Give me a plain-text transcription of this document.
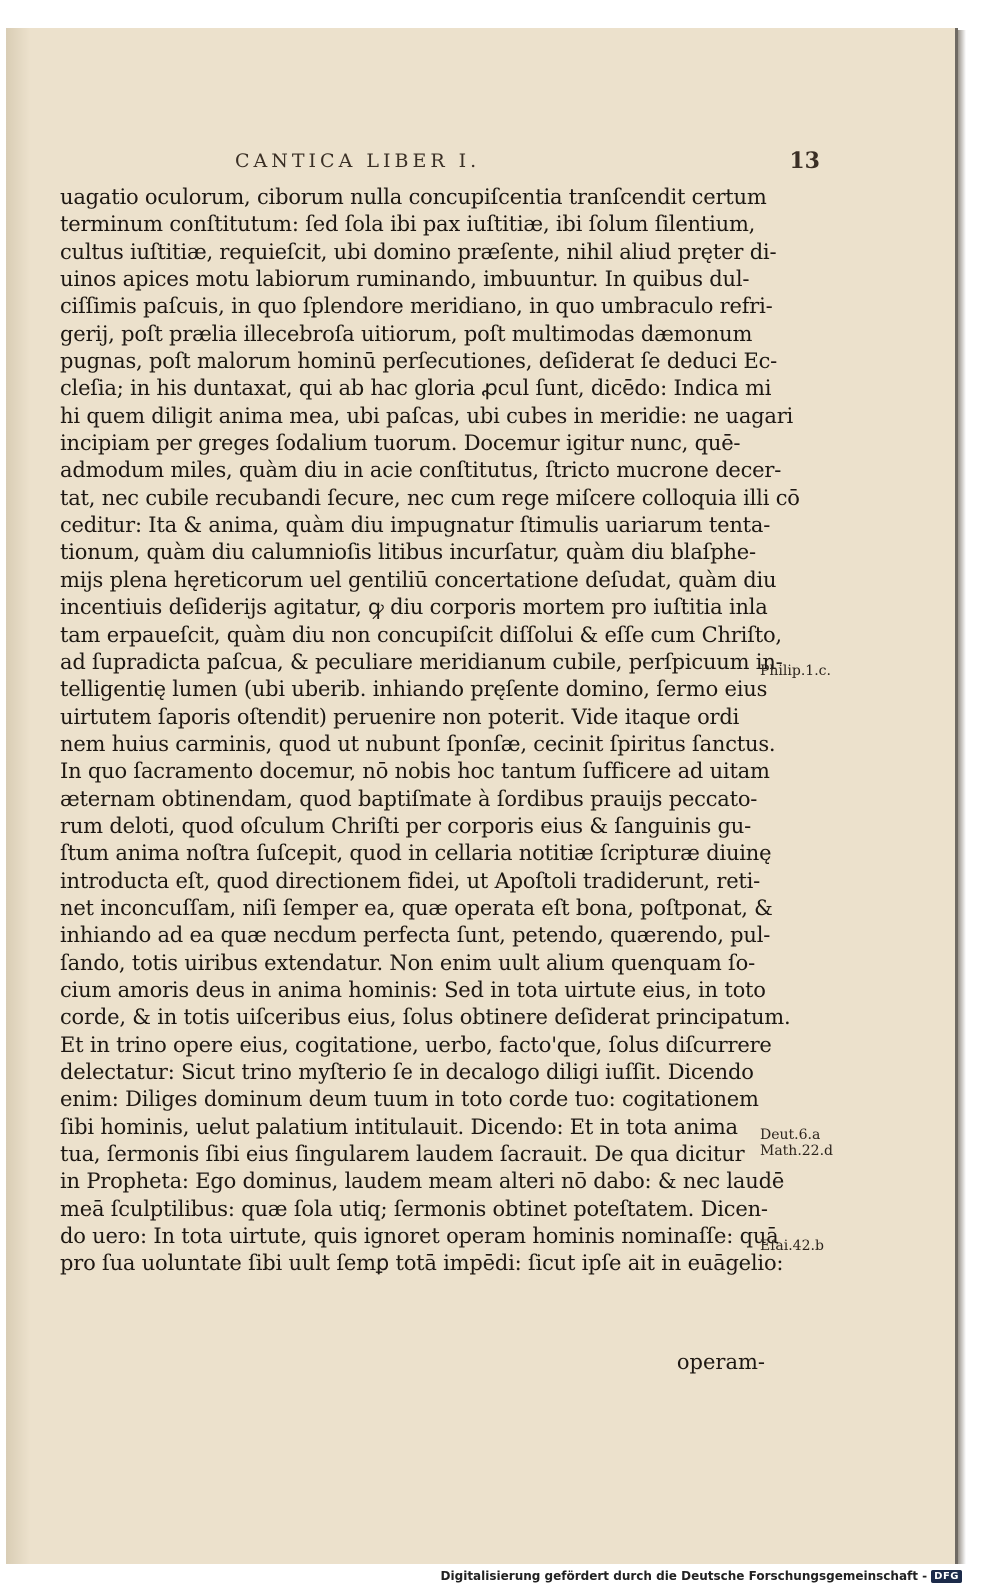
CANTICA LIBER I.	13
uagatio oculorum, ciborum nulla concupiſcentia tranſcendit certum
terminum conſtitutum: ſed ſola ibi pax iuſtitiæ, ibi ſolum ſilentium,
cultus iuſtitiæ, requieſcit, ubi domino præſente, nihil aliud pręter di-
uinos apices motu labiorum ruminando, imbuuntur. In quibus dul-
ciſſimis paſcuis, in quo ſplendore meridiano, in quo umbraculo refri-
gerij, poſt prælia illecebroſa uitiorum, poſt multimodas dæmonum
pugnas, poſt malorum hominū perſecutiones, deſiderat ſe deduci Ec-
cleſia; in his duntaxat, qui ab hac gloria ꝓcul ſunt, dicēdo: Indica mi
hi quem diligit anima mea, ubi paſcas, ubi cubes in meridie: ne uagari
incipiam per greges ſodalium tuorum. Docemur igitur nunc, quē-
admodum miles, quàm diu in acie conſtitutus, ſtricto mucrone decer-
tat, nec cubile recubandi ſecure, nec cum rege miſcere colloquia illi cō
ceditur: Ita & anima, quàm diu impugnatur ſtimulis uariarum tenta-
tionum, quàm diu calumnioſis litibus incurſatur, quàm diu blaſphe-
mijs plena hęreticorum uel gentiliū concertatione deſudat, quàm diu
incentiuis deſiderijs agitatur, ꝙ diu corporis mortem pro iuſtitia inla
tam erpaueſcit, quàm diu non concupiſcit diſſolui & eſſe cum Chriſto,
ad ſupradicta paſcua, & peculiare meridianum cubile, perſpicuum in-
telligentię lumen (ubi uberib. inhiando pręſente domino, ſermo eius
uirtutem ſaporis oſtendit) peruenire non poterit. Vide itaque ordi
nem huius carminis, quod ut nubunt ſponſæ, cecinit ſpiritus ſanctus.
In quo ſacramento docemur, nō nobis hoc tantum ſufficere ad uitam
æternam obtinendam, quod baptiſmate à ſordibus prauijs peccato-
rum deloti, quod oſculum Chriſti per corporis eius & ſanguinis gu-
ſtum anima noſtra ſuſcepit, quod in cellaria notitiæ ſcripturæ diuinę
introducta eſt, quod directionem fidei, ut Apoſtoli tradiderunt, reti-
net inconcuſſam, niſi ſemper ea, quæ operata eſt bona, poſtponat, &
inhiando ad ea quæ necdum perfecta ſunt, petendo, quærendo, pul-
ſando, totis uiribus extendatur. Non enim uult alium quenquam ſo-
cium amoris deus in anima hominis: Sed in tota uirtute eius, in toto
corde, & in totis uiſceribus eius, ſolus obtinere deſiderat principatum.
Et in trino opere eius, cogitatione, uerbo, facto'que, ſolus diſcurrere
delectatur: Sicut trino myſterio ſe in decalogo diligi iuſſit. Dicendo
enim: Diliges dominum deum tuum in toto corde tuo: cogitationem
ſibi hominis, uelut palatium intitulauit. Dicendo: Et in tota anima
tua, ſermonis ſibi eius ſingularem laudem ſacrauit. De qua dicitur
in Propheta: Ego dominus, laudem meam alteri nō dabo: & nec laudē
meā ſculptilibus: quæ ſola utiq; ſermonis obtinet poteſtatem. Dicen-
do uero: In tota uirtute, quis ignoret operam hominis nominaſſe: quā
pro ſua uoluntate ſibi uult ſemꝑ totā impēdi: ſicut ipſe ait in euāgelio:
operam-
Philip.1.c.
Deut.6.a
Math.22.d
Eſai.42.b
Digitalisierung gefördert durch die Deutsche Forschungsgemeinschaft - DFG
